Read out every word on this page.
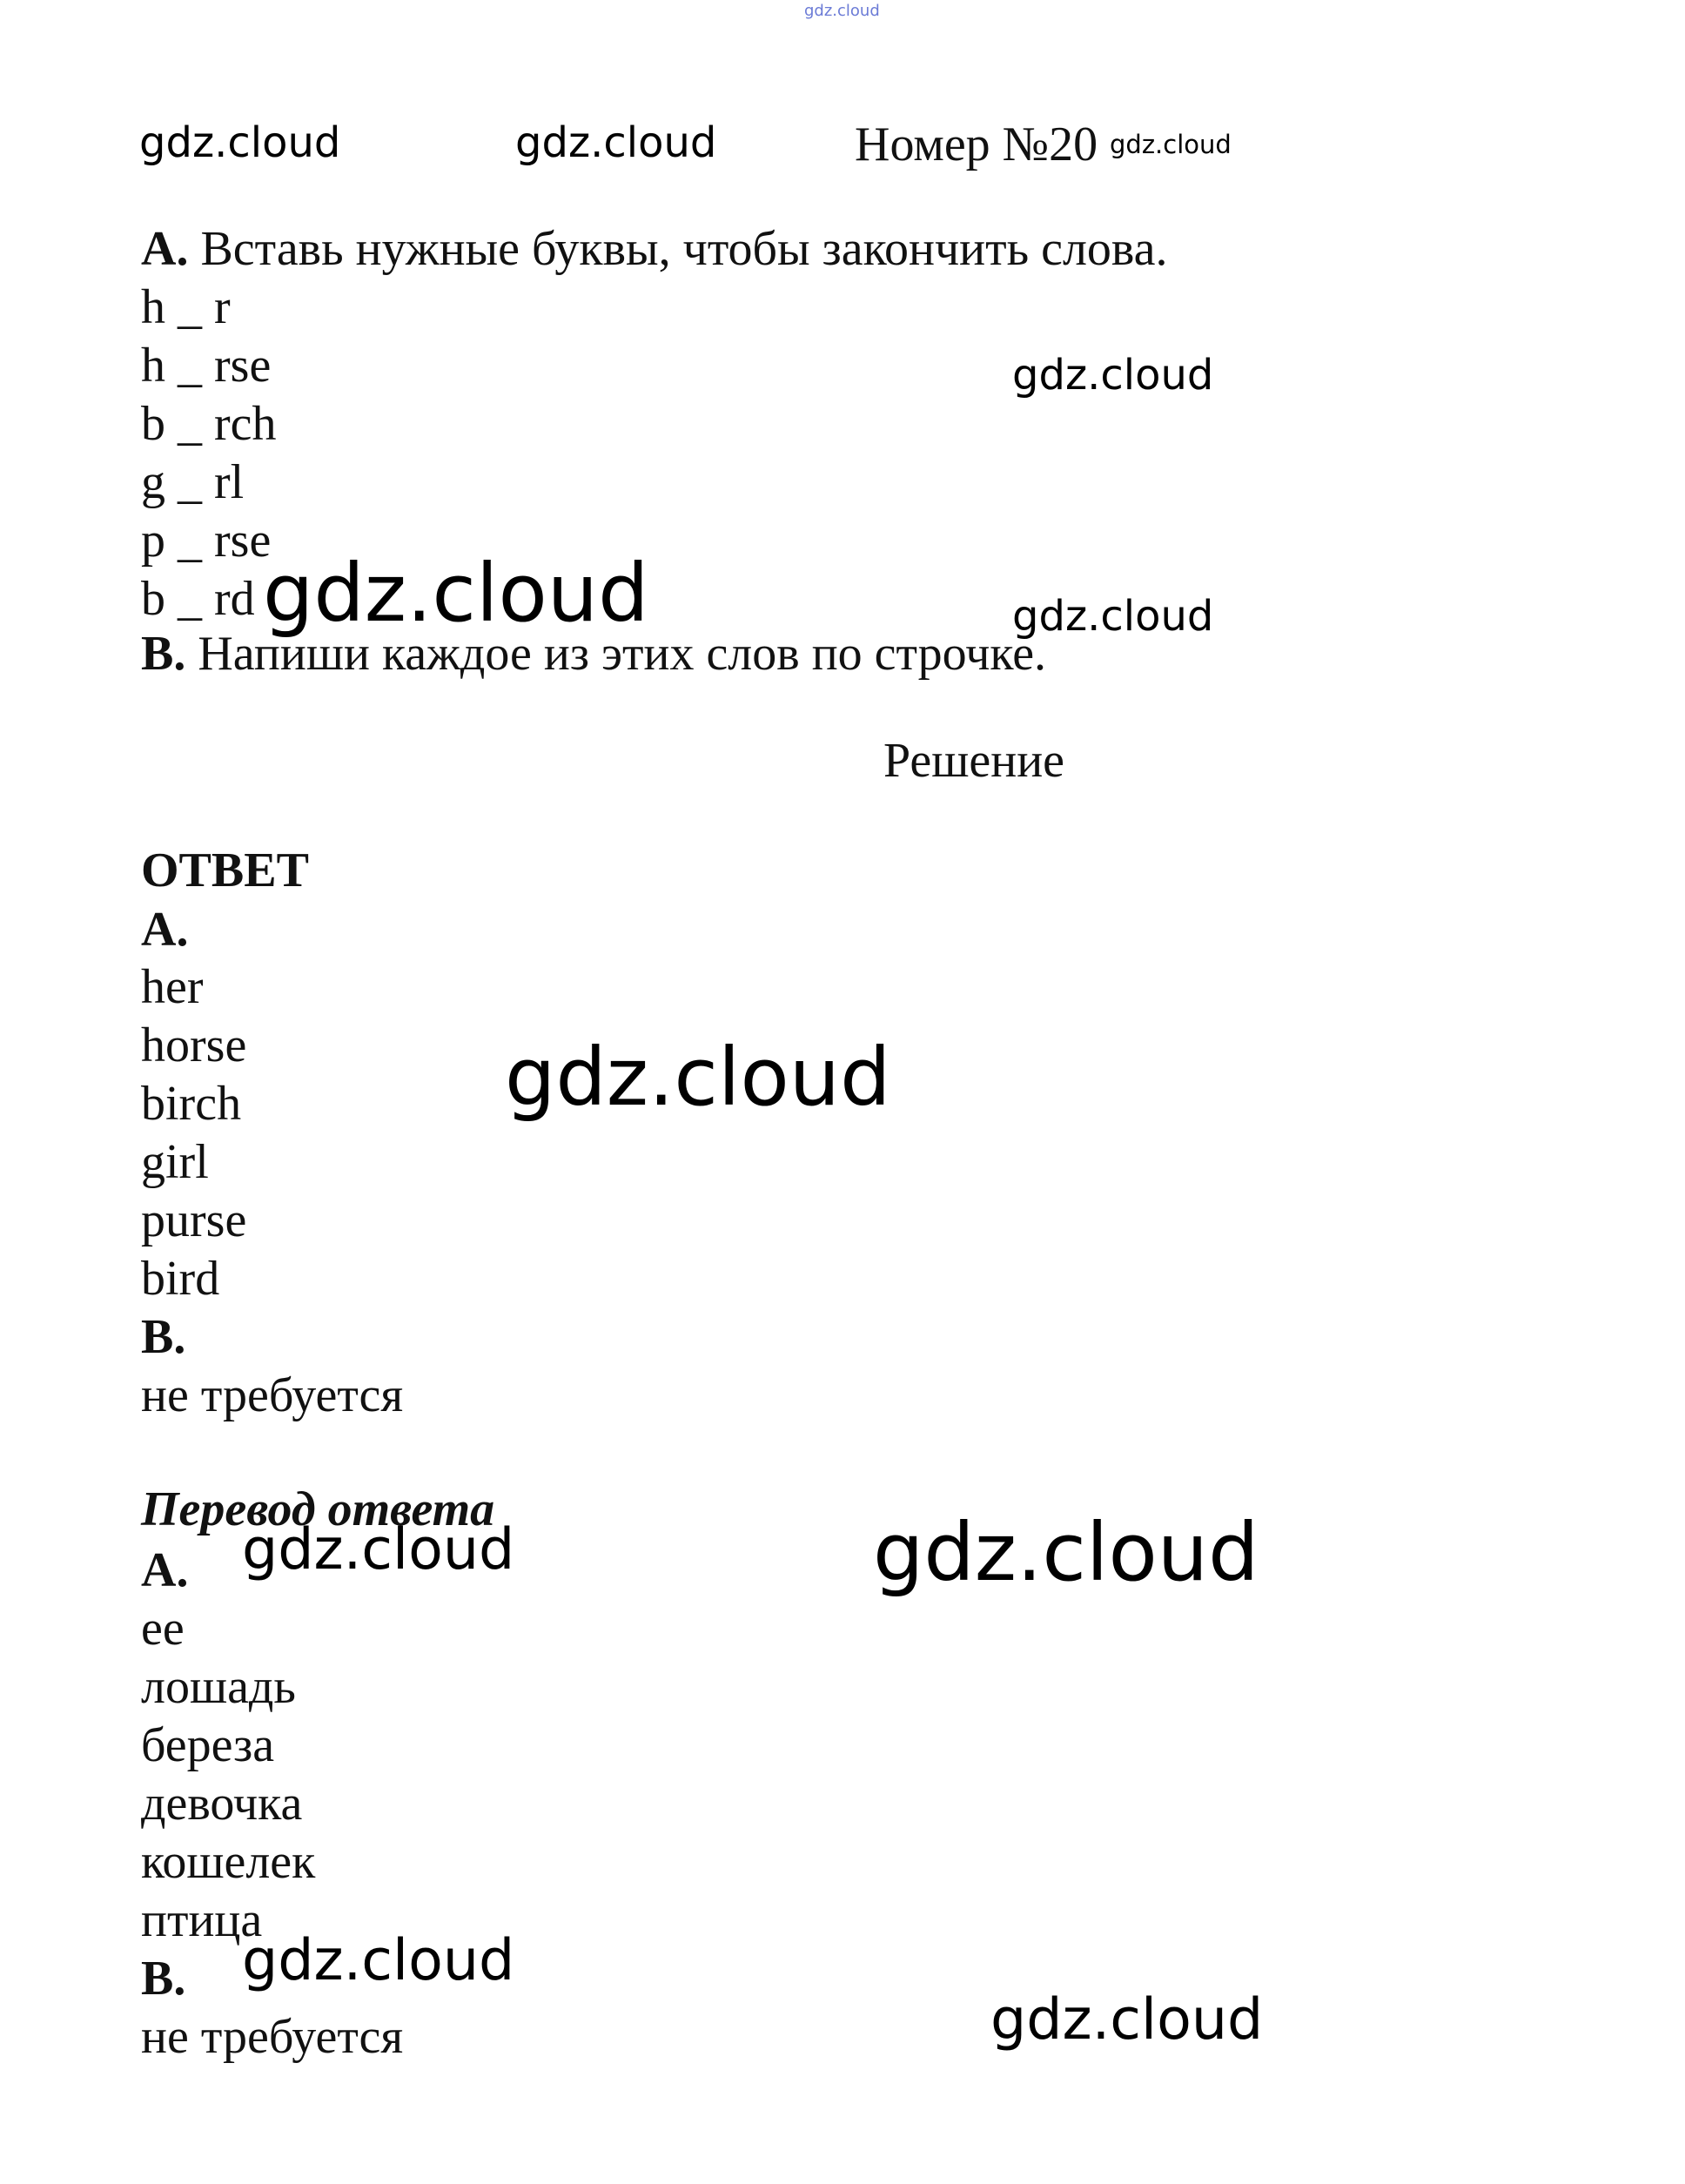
gdz.cloud
gdz.cloud	gdz.cloud	gdz.cloud
gdz.cloud
gdz.cloud
gdz.cloud
gdz.cloud
gdz.cloud	gdz.cloud
gdz.cloud
gdz.cloud
Номер №20
А. Вставь нужные буквы, чтобы закончить слова.
h _ r
h _ rse
b _ rch
g _ rl
p _ rse
b _ rd
В. Напиши каждое из этих слов по строчке.
Решение
ОТВЕТ
А.
her
horse
birch
girl
purse
bird
В.
не требуется
Перевод ответа
А.
ее
лошадь
береза
девочка
кошелек
птица
В.
не требуется
